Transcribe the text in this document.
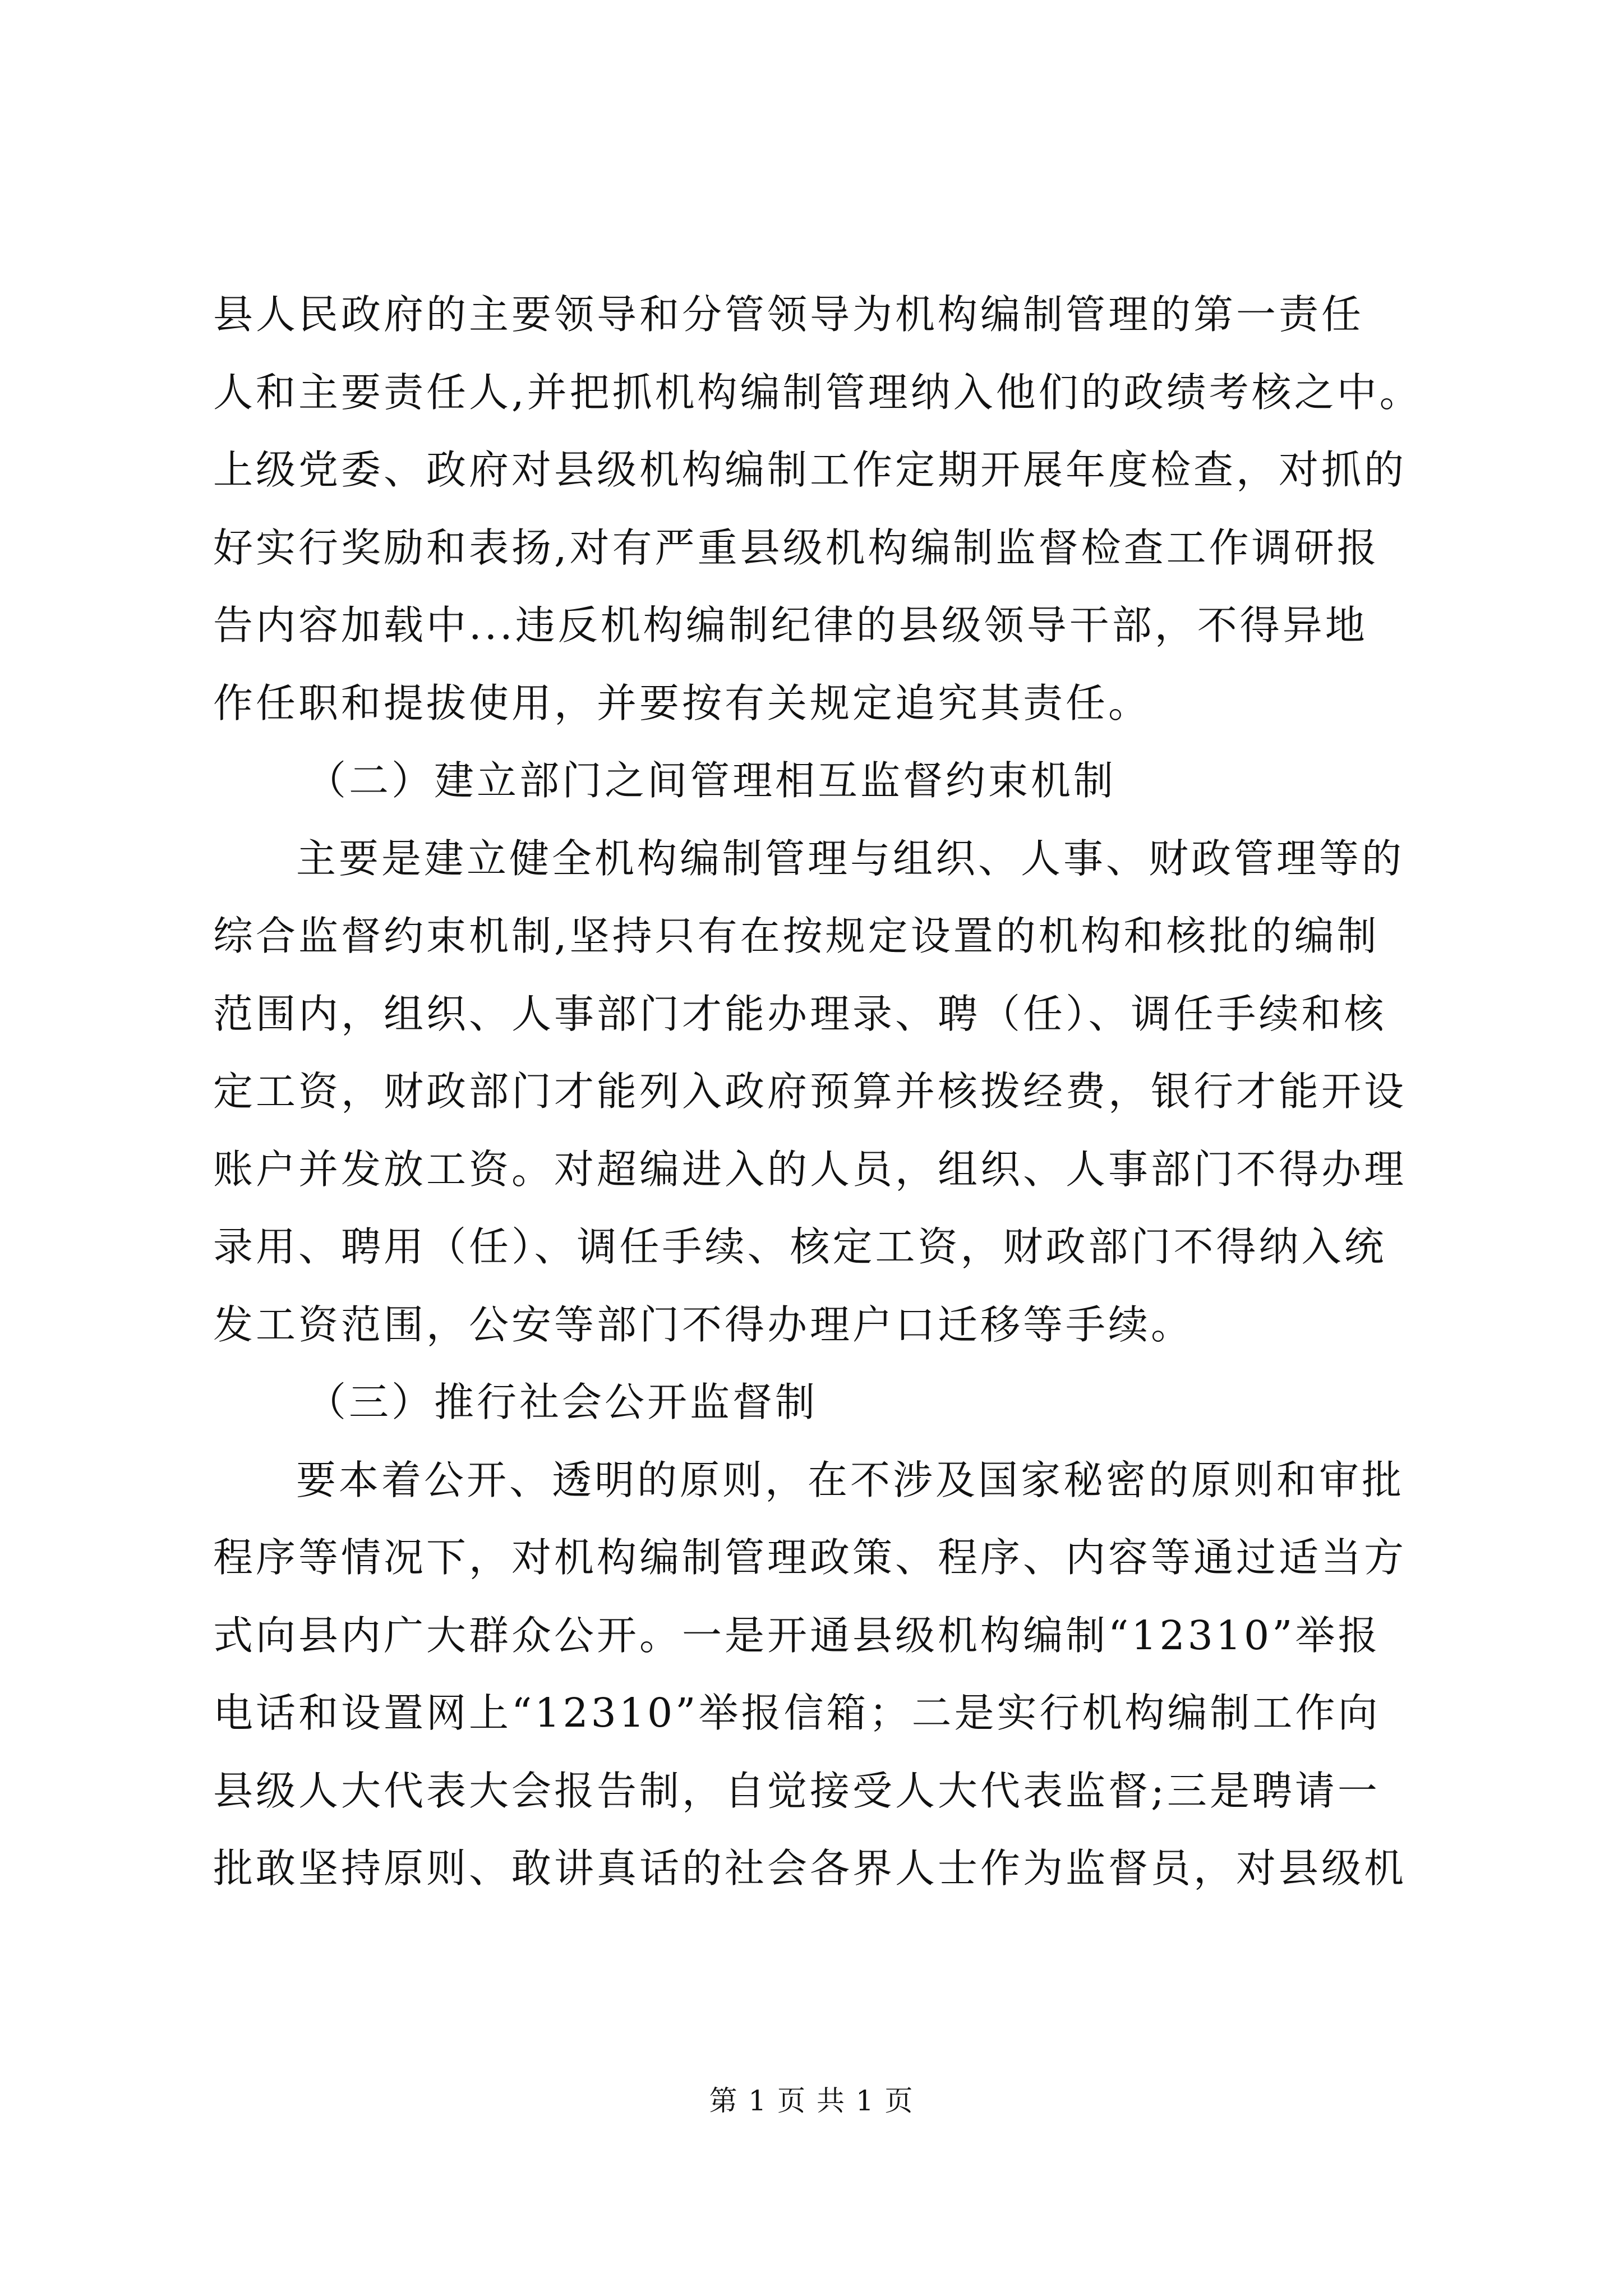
县人民政府的主要领导和分管领导为机构编制管理的第一责任
人和主要责任人,并把抓机构编制管理纳入他们的政绩考核之中。
上级党委、政府对县级机构编制工作定期开展年度检查，对抓的
好实行奖励和表扬,对有严重县级机构编制监督检查工作调研报
告内容加载中...违反机构编制纪律的县级领导干部，不得异地
作任职和提拔使用，并要按有关规定追究其责任。
（二）建立部门之间管理相互监督约束机制
主要是建立健全机构编制管理与组织、人事、财政管理等的
综合监督约束机制,坚持只有在按规定设置的机构和核批的编制
范围内，组织、人事部门才能办理录、聘（任）、调任手续和核
定工资，财政部门才能列入政府预算并核拨经费，银行才能开设
账户并发放工资。对超编进入的人员，组织、人事部门不得办理
录用、聘用（任）、调任手续、核定工资，财政部门不得纳入统
发工资范围，公安等部门不得办理户口迁移等手续。
（三）推行社会公开监督制
要本着公开、透明的原则，在不涉及国家秘密的原则和审批
程序等情况下，对机构编制管理政策、程序、内容等通过适当方
式向县内广大群众公开。一是开通县级机构编制“12310”举报
电话和设置网上“12310”举报信箱；二是实行机构编制工作向
县级人大代表大会报告制，自觉接受人大代表监督;三是聘请一
批敢坚持原则、敢讲真话的社会各界人士作为监督员，对县级机
第 1 页 共 1 页
